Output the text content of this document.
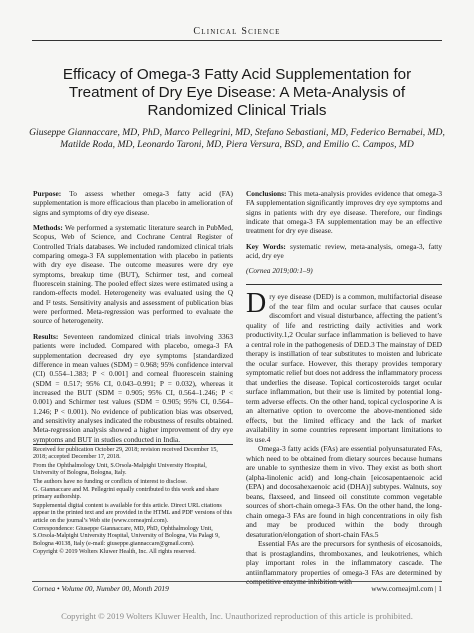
Clinical Science
Efficacy of Omega-3 Fatty Acid Supplementation for Treatment of Dry Eye Disease: A Meta-Analysis of Randomized Clinical Trials
Giuseppe Giannaccare, MD, PhD, Marco Pellegrini, MD, Stefano Sebastiani, MD, Federico Bernabei, MD, Matilde Roda, MD, Leonardo Taroni, MD, Piera Versura, BSD, and Emilio C. Campos, MD

Purpose: To assess whether omega-3 fatty acid (FA) supplementation is more efficacious than placebo in amelioration of signs and symptoms of dry eye disease.

Methods: We performed a systematic literature search in PubMed, Scopus, Web of Science, and Cochrane Central Register of Controlled Trials databases. We included randomized clinical trials comparing omega-3 FA supplementation with placebo in patients with dry eye disease. The outcome measures were dry eye symptoms, breakup time (BUT), Schirmer test, and corneal fluorescein staining. The pooled effect sizes were estimated using a random-effects model. Heterogeneity was evaluated using the Q and I² tests. Sensitivity analysis and assessment of publication bias were performed. Meta-regression was performed to evaluate the source of heterogeneity.

Results: Seventeen randomized clinical trials involving 3363 patients were included. Compared with placebo, omega-3 FA supplementation decreased dry eye symptoms [standardized difference in mean values (SDM) = 0.968; 95% confidence interval (CI) 0.554–1.383; P < 0.001] and corneal fluorescein staining (SDM = 0.517; 95% CI, 0.043–0.991; P = 0.032), whereas it increased the BUT (SDM = 0.905; 95% CI, 0.564–1.246; P < 0.001) and Schirmer test values (SDM = 0.905; 95% CI, 0.564–1.246; P < 0.001). No evidence of publication bias was observed, and sensitivity analyses indicated the robustness of results obtained. Meta-regression analysis showed a higher improvement of dry eye symptoms and BUT in studies conducted in India.

Conclusions: This meta-analysis provides evidence that omega-3 FA supplementation significantly improves dry eye symptoms and signs in patients with dry eye disease. Therefore, our findings indicate that omega-3 FA supplementation may be an effective treatment for dry eye disease.

Key Words: systematic review, meta-analysis, omega-3, fatty acid, dry eye

(Cornea 2019;00:1–9)

Dry eye disease (DED) is a common, multifactorial disease of the tear film and ocular surface that causes ocular discomfort and visual disturbance, affecting the patient’s quality of life and restricting daily activities and work productivity.1,2 Ocular surface inflammation is believed to have a central role in the pathogenesis of DED.3 The mainstay of DED therapy is instillation of tear substitutes to moisten and lubricate the ocular surface. However, this therapy provides temporary symptomatic relief but does not address the inflammatory process that underlies the disease. Topical corticosteroids target ocular surface inflammation, but their use is limited by potential long-term adverse effects. On the other hand, topical cyclosporine A is an alternative option to overcome the above-mentioned side effects, but the limited efficacy and the lack of market availability in some countries represent important limitations to its use.4

Omega-3 fatty acids (FAs) are essential polyunsaturated FAs, which need to be obtained from dietary sources because humans are unable to synthesize them in vivo. They exist as both short (alpha-linolenic acid) and long-chain [eicosapentaenoic acid (EPA) and docosahexaenoic acid (DHA)] subtypes. Walnuts, soy beans, flaxseed, and linseed oil constitute common vegetable sources of short-chain omega-3 FAs. On the other hand, the long-chain omega-3 FAs are found in high concentrations in oily fish and may be produced within the body through desaturation/elongation of short-chain FAs.5

Essential FAs are the precursors for synthesis of eicosanoids, that is prostaglandins, thromboxanes, and leukotrienes, which play important roles in the inflammatory cascade. The antiinflammatory properties of omega-3 FAs are determined by competitive enzyme inhibition with

Received for publication October 29, 2018; revision received December 15, 2018; accepted December 17, 2018.

From the Ophthalmology Unit, S.Orsola-Malpighi University Hospital, University of Bologna, Bologna, Italy.

The authors have no funding or conflicts of interest to disclose.

G. Giannaccare and M. Pellegrini equally contributed to this work and share primary authorship.

Supplemental digital content is available for this article. Direct URL citations appear in the printed text and are provided in the HTML and PDF versions of this article on the journal’s Web site (www.corneajrnl.com).

Correspondence: Giuseppe Giannaccare, MD, PhD, Ophthalmology Unit, S.Orsola-Malpighi University Hospital, University of Bologna, Via Palagi 9, Bologna 40138, Italy (e-mail: giuseppe.giannaccare@gmail.com).

Copyright © 2019 Wolters Kluwer Health, Inc. All rights reserved.

Cornea • Volume 00, Number 00, Month 2019	www.corneajrnl.com | 1
Copyright © 2019 Wolters Kluwer Health, Inc. Unauthorized reproduction of this article is prohibited.
